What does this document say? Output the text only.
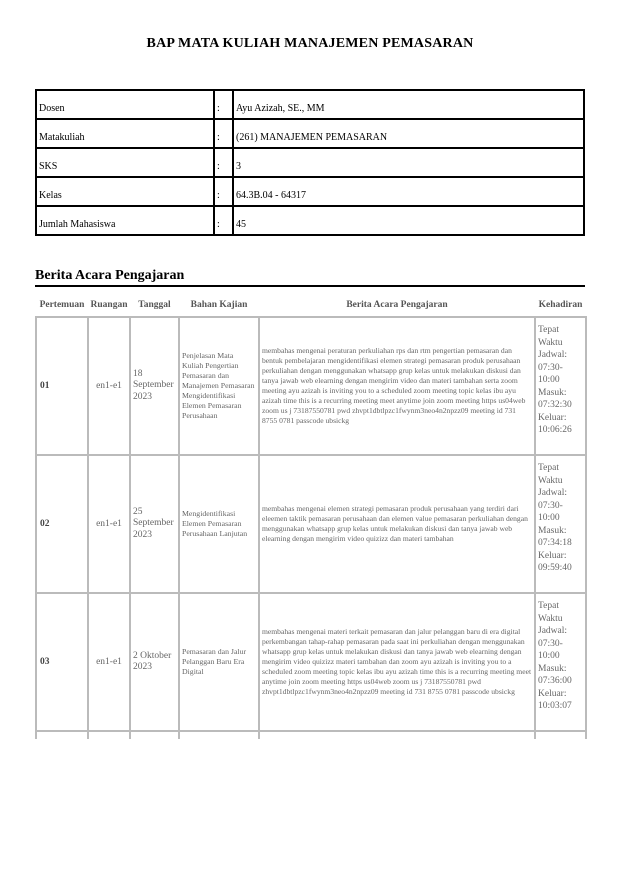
BAP MATA KULIAH MANAJEMEN PEMASARAN
Dosen	:	Ayu Azizah, SE., MM
Matakuliah	:	(261) MANAJEMEN PEMASARAN
SKS	:	3
Kelas	:	64.3B.04 - 64317
Jumlah Mahasiswa	:	45
Berita Acara Pengajaran
Pertemuan	Ruangan	Tanggal	Bahan Kajian	Berita Acara Pengajaran	Kehadiran
01	en1-e1	18 September 2023	Penjelasan Mata Kuliah Pengertian Pemasaran dan Manajemen Pemasaran Mengidentifikasi Elemen Pemasaran Perusahaan	membahas mengenai peraturan perkuliahan rps dan rtm pengertian pemasaran dan bentuk pembelajaran mengidentifikasi elemen strategi pemasaran produk perusahaan perkuliahan dengan menggunakan whatsapp grup kelas untuk melakukan diskusi dan tanya jawab web elearning dengan mengirim video dan materi tambahan serta zoom meeting ayu azizah is inviting you to a scheduled zoom meeting topic kelas ibu ayu azizah time this is a recurring meeting meet anytime join zoom meeting https us04web zoom us j 73187550781 pwd zhvpt1dbtlpzc1fwynm3neo4n2npzz09 meeting id 731 8755 0781 passcode ubsickg	Tepat Waktu Jadwal: 07:30-10:00 Masuk: 07:32:30 Keluar: 10:06:26
02	en1-e1	25 September 2023	Mengidentifikasi Elemen Pemasaran Perusahaan Lanjutan	membahas mengenai elemen strategi pemasaran produk perusahaan yang terdiri dari eleemen taktik pemasaran perusahaan dan elemen value pemasaran perkuliahan dengan menggunakan whatsapp grup kelas untuk melakukan diskusi dan tanya jawab web elearning dengan mengirim video quizizz dan materi tambahan	Tepat Waktu Jadwal: 07:30-10:00 Masuk: 07:34:18 Keluar: 09:59:40
03	en1-e1	2 Oktober 2023	Pemasaran dan Jalur Pelanggan Baru Era Digital	membahas mengenai materi terkait pemasaran dan jalur pelanggan baru di era digital perkembangan tahap-rahap pemasaran pada saat ini perkuliahan dengan menggunakan whatsapp grup kelas untuk melakukan diskusi dan tanya jawab web elearning dengan mengirim video quizizz materi tambahan dan zoom ayu azizah is inviting you to a scheduled zoom meeting topic kelas ibu ayu azizah time this is a recurring meeting meet anytime join zoom meeting https us04web zoom us j 73187550781 pwd zhvpt1dbtlpzc1fwynm3neo4n2npzz09 meeting id 731 8755 0781 passcode ubsickg	Tepat Waktu Jadwal: 07:30-10:00 Masuk: 07:36:00 Keluar: 10:03:07
